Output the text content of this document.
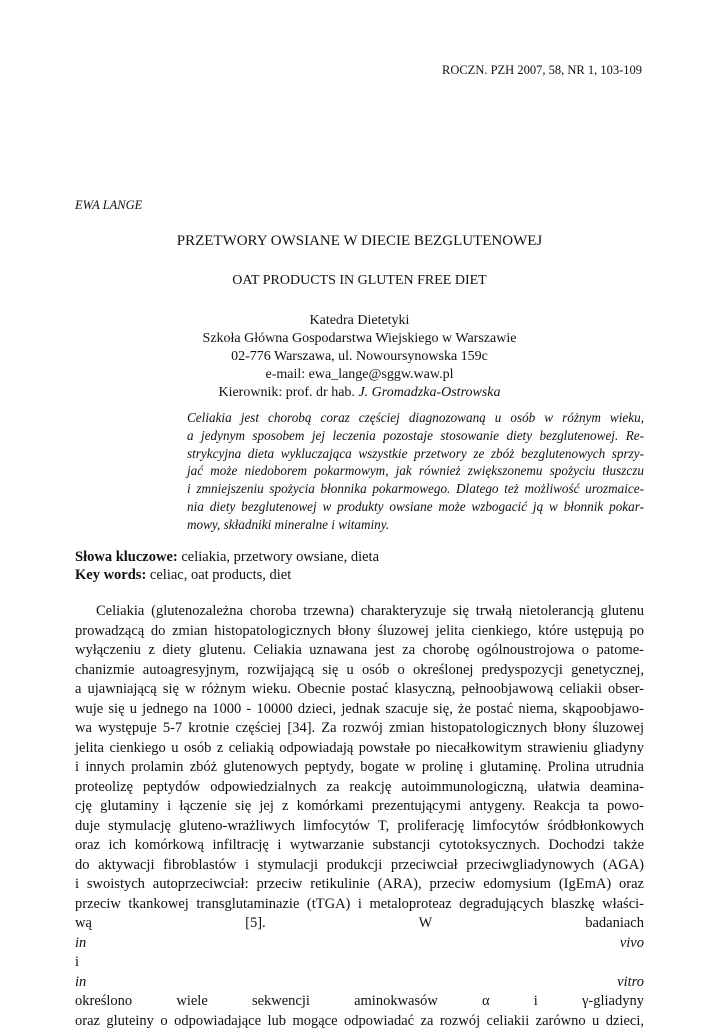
ROCZN. PZH 2007, 58, NR 1, 103-109
EWA LANGE
PRZETWORY OWSIANE W DIECIE BEZGLUTENOWEJ
OAT PRODUCTS IN GLUTEN FREE DIET
Katedra Dietetyki
Szkoła Główna Gospodarstwa Wiejskiego w Warszawie
02-776 Warszawa, ul. Nowoursynowska 159c
e-mail: ewa_lange@sggw.waw.pl
Kierownik: prof. dr hab. J. Gromadzka-Ostrowska
Celiakia jest chorobą coraz częściej diagnozowaną u osób w różnym wieku,
a jedynym sposobem jej leczenia pozostaje stosowanie diety bezglutenowej. Re-
strykcyjna dieta wykluczająca wszystkie przetwory ze zbóż bezglutenowych sprzy-
jać może niedoborem pokarmowym, jak również zwiększonemu spożyciu tłuszczu
i zmniejszeniu spożycia błonnika pokarmowego. Dlatego też możliwość urozmaice-
nia diety bezglutenowej w produkty owsiane może wzbogacić ją w błonnik pokar-
mowy, składniki mineralne i witaminy.
Słowa kluczowe: celiakia, przetwory owsiane, dieta
Key words: celiac, oat products, diet
Celiakia (glutenozależna choroba trzewna) charakteryzuje się trwałą nietolerancją glutenu
prowadzącą do zmian histopatologicznych błony śluzowej jelita cienkiego, które ustępują po
wyłączeniu z diety glutenu. Celiakia uznawana jest za chorobę ogólnoustrojowa o patome-
chanizmie autoagresyjnym, rozwijającą się u osób o określonej predyspozycji genetycznej,
a ujawniającą się w różnym wieku. Obecnie postać klasyczną, pełnoobjawową celiakii obser-
wuje się u jednego na 1000 - 10000 dzieci, jednak szacuje się, że postać niema, skąpoobjawo-
wa występuje 5-7 krotnie częściej [34]. Za rozwój zmian histopatologicznych błony śluzowej
jelita cienkiego u osób z celiakią odpowiadają powstałe po niecałkowitym strawieniu gliadyny
i innych prolamin zbóż glutenowych peptydy, bogate w prolinę i glutaminę. Prolina utrudnia
proteolizę peptydów odpowiedzialnych za reakcję autoimmunologiczną, ułatwia deamina-
cję glutaminy i łączenie się jej z komórkami prezentującymi antygeny. Reakcja ta powo-
duje stymulację gluteno-wrażliwych limfocytów T, proliferację limfocytów śródbłonkowych
oraz ich komórkową infiltrację i wytwarzanie substancji cytotoksycznych. Dochodzi także
do aktywacji fibroblastów i stymulacji produkcji przeciwciał przeciwgliadynowych (AGA)
i swoistych autoprzeciwciał: przeciw retikulinie (ARA), przeciw edomysium (IgEmA) oraz
przeciw tkankowej transglutaminazie (tTGA) i metaloproteaz degradujących blaszkę właści-
wą [5]. W badaniach
in vivo
i
in vitro
określono wiele sekwencji aminokwasów α i γ-gliadyny
oraz gluteiny o odpowiadające lub mogące odpowiadać za rozwój celiakii zarówno u dzieci,
